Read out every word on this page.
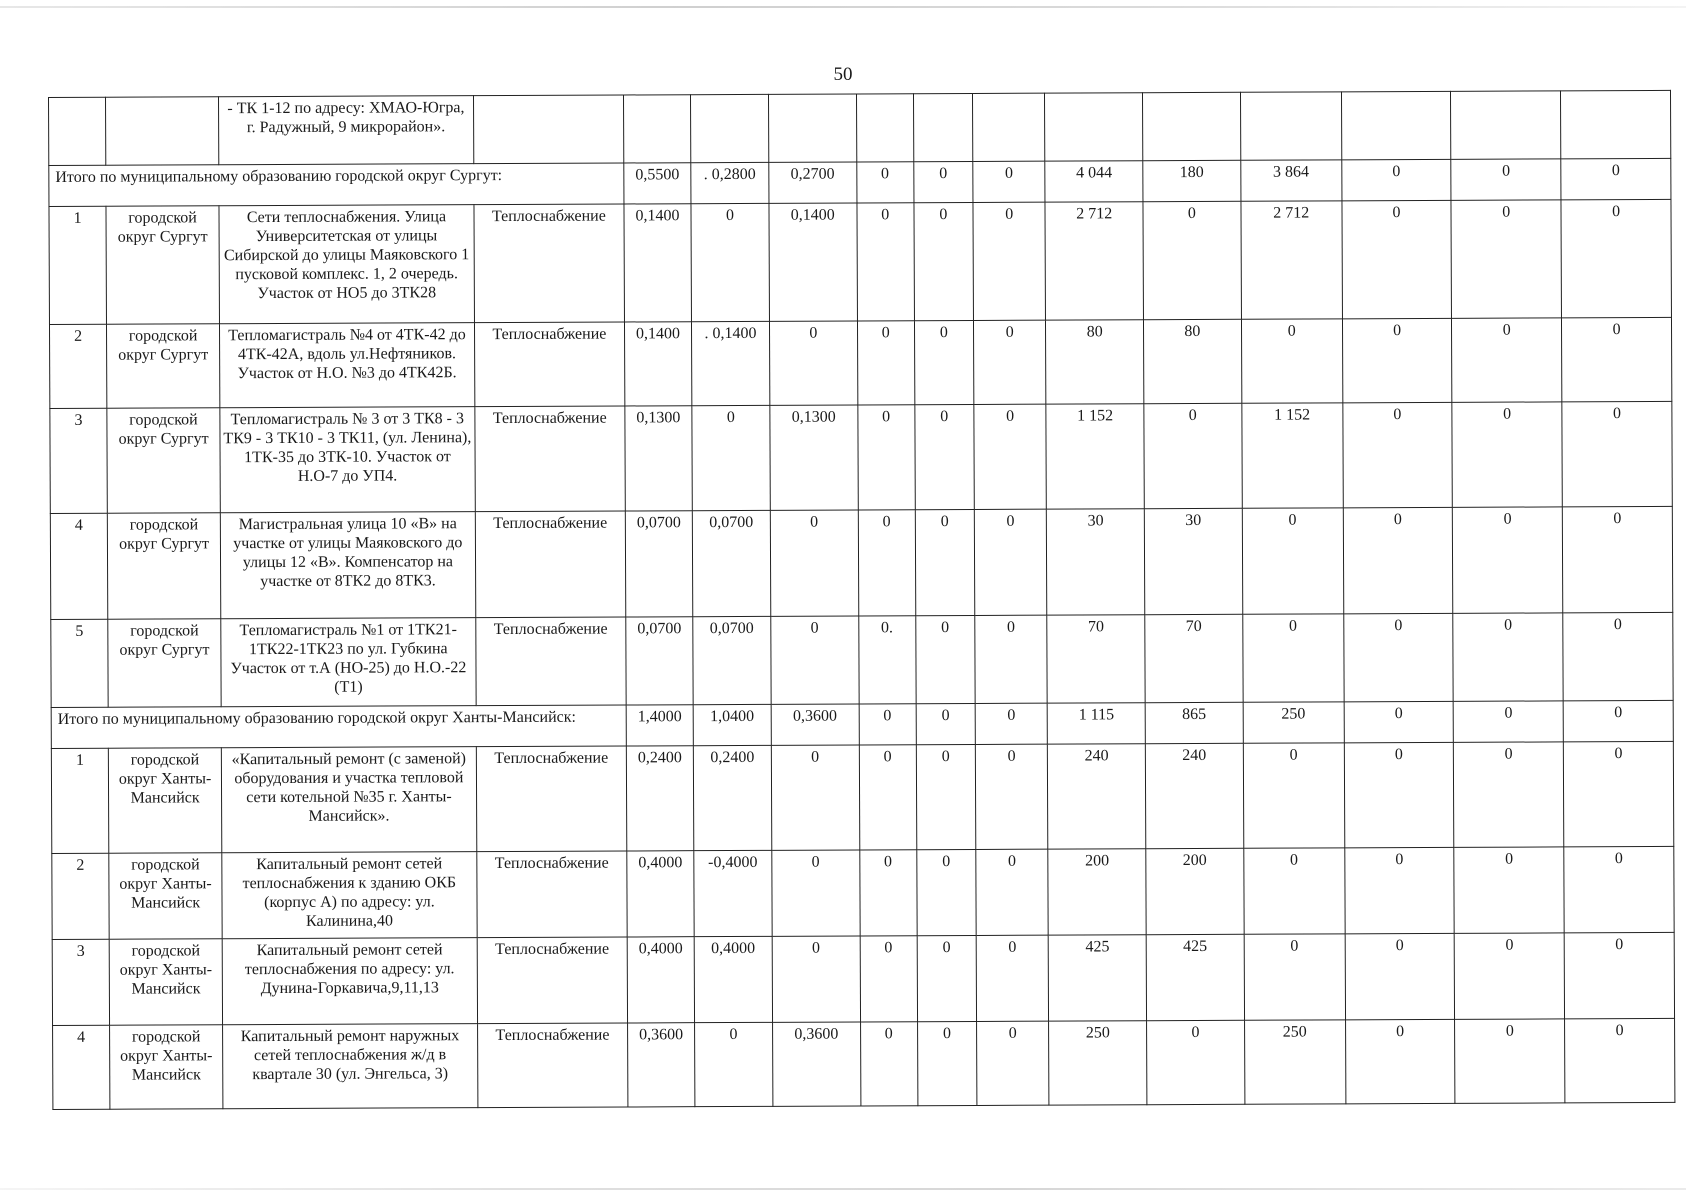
50
		- ТК 1-12 по адресу: ХМАО-Югра, г. Радужный, 9 микрорайон».													
Итого по муниципальному образованию городской округ Сургут:				0,5500	. 0,2800	0,2700	0	0	0	4 044	180	3 864	0	0	0
1	городской округ Сургут	Сети теплоснабжения. Улица Университетская от улицы Сибирской до улицы Маяковского 1 пусковой комплекс. 1, 2 очередь. Участок от НО5 до 3ТК28	Теплоснабжение	0,1400	0	0,1400	0	0	0	2 712	0	2 712	0	0	0
2	городской округ Сургут	Тепломагистраль №4 от 4ТК-42 до 4ТК-42А, вдоль ул.Нефтяников. Участок от Н.О. №3 до 4ТК42Б.	Теплоснабжение	0,1400	. 0,1400	0	0	0	0	80	80	0	0	0	0
3	городской округ Сургут	Тепломагистраль № 3 от 3 ТК8 - 3 ТК9 - 3 ТК10 - 3 ТК11, (ул. Ленина), 1ТК-35 до 3ТК-10. Участок от Н.О-7 до УП4.	Теплоснабжение	0,1300	0	0,1300	0	0	0	1 152	0	1 152	0	0	0
4	городской округ Сургут	Магистральная улица 10 «В» на участке от улицы Маяковского до улицы 12 «В». Компенсатор на участке от 8ТК2 до 8ТК3.	Теплоснабжение	0,0700	0,0700	0	0	0	0	30	30	0	0	0	0
5	городской округ Сургут	Тепломагистраль №1 от 1ТК21-1ТК22-1ТК23 по ул. Губкина Участок от т.А (НО-25) до Н.О.-22 (Т1)	Теплоснабжение	0,0700	0,0700	0	0.	0	0	70	70	0	0	0	0
Итого по муниципальному образованию городской округ Ханты-Мансийск:				1,4000	1,0400	0,3600	0	0	0	1 115	865	250	0	0	0
1	городской округ Ханты-Мансийск	«Капитальный ремонт (с заменой) оборудования и участка тепловой сети котельной №35 г. Ханты-Мансийск».	Теплоснабжение	0,2400	0,2400	0	0	0	0	240	240	0	0	0	0
2	городской округ Ханты-Мансийск	Капитальный ремонт сетей теплоснабжения к зданию ОКБ (корпус А) по адресу: ул. Калинина,40	Теплоснабжение	0,4000	-0,4000	0	0	0	0	200	200	0	0	0	0
3	городской округ Ханты-Мансийск	Капитальный ремонт сетей теплоснабжения по адресу: ул. Дунина-Горкавича,9,11,13	Теплоснабжение	0,4000	0,4000	0	0	0	0	425	425	0	0	0	0
4	городской округ Ханты-Мансийск	Капитальный ремонт наружных сетей теплоснабжения ж/д в квартале 30 (ул. Энгельса, 3)	Теплоснабжение	0,3600	0	0,3600	0	0	0	250	0	250	0	0	0
